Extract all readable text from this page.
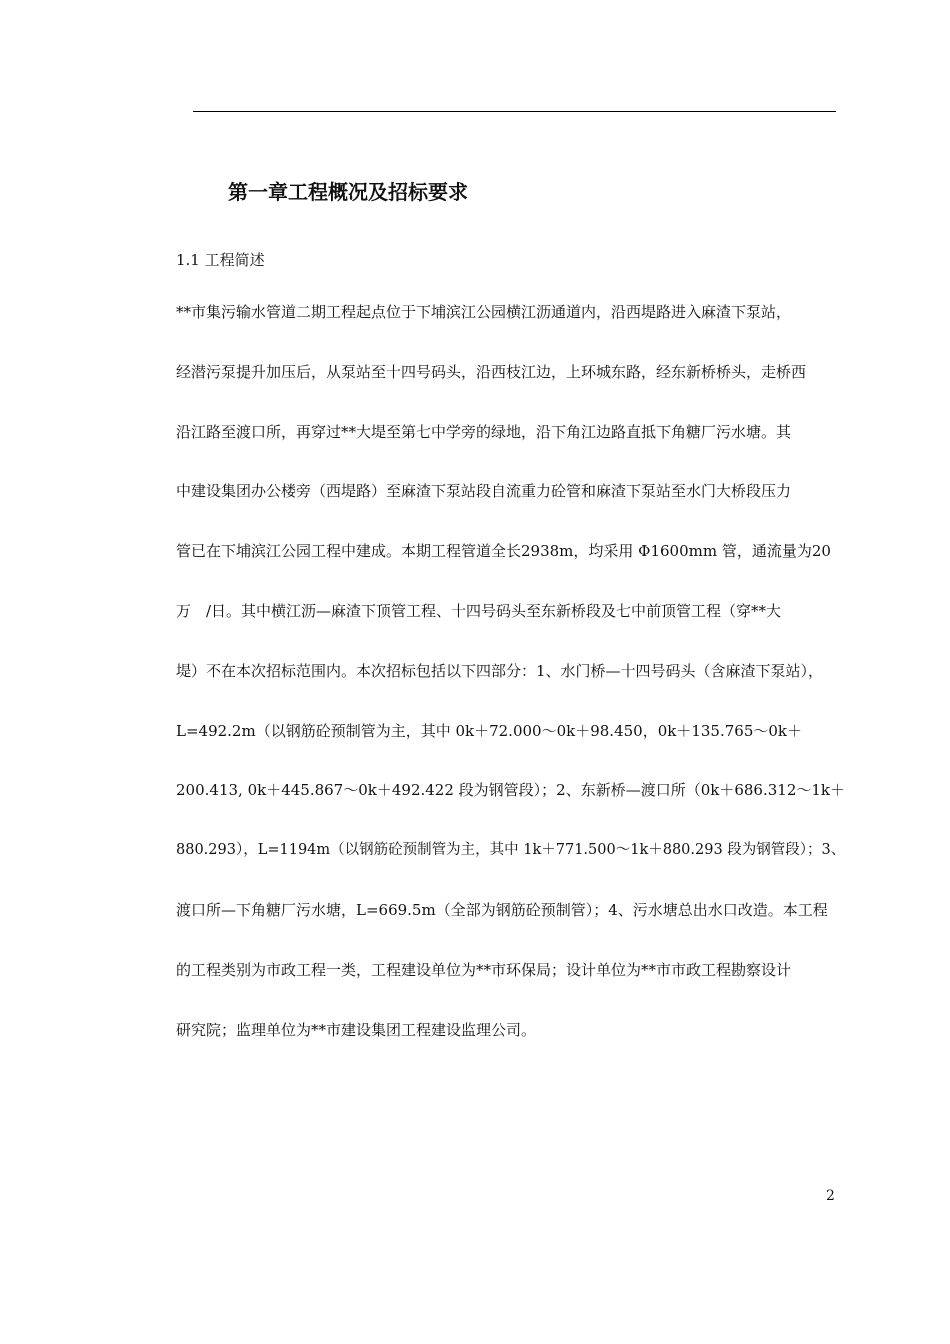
第一章工程概况及招标要求
1.1 工程简述
**市集污输水管道二期工程起点位于下埔滨江公园横江沥通道内，沿西堤路进入麻渣下泵站，
经潜污泵提升加压后，从泵站至十四号码头，沿西枝江边，上环城东路，经东新桥桥头，走桥西
沿江路至渡口所，再穿过**大堤至第七中学旁的绿地，沿下角江边路直抵下角糖厂污水塘。其
中建设集团办公楼旁（西堤路）至麻渣下泵站段自流重力砼管和麻渣下泵站至水门大桥段压力
管已在下埔滨江公园工程中建成。本期工程管道全长2938m，均采用 Φ1600mm 管，通流量为20
万　/日。其中横江沥—麻渣下顶管工程、十四号码头至东新桥段及七中前顶管工程（穿**大
堤）不在本次招标范围内。本次招标包括以下四部分：1、水门桥—十四号码头（含麻渣下泵站），
L=492.2m（以钢筋砼预制管为主，其中 0k＋72.000～0k＋98.450，0k＋135.765～0k＋
200.413, 0k＋445.867～0k＋492.422 段为钢管段）；2、东新桥—渡口所（0k＋686.312～1k＋
880.293），L=1194m（以钢筋砼预制管为主，其中 1k＋771.500～1k＋880.293 段为钢管段）；3、
渡口所—下角糖厂污水塘，L=669.5m（全部为钢筋砼预制管）；4、污水塘总出水口改造。本工程
的工程类别为市政工程一类，工程建设单位为**市环保局；设计单位为**市市政工程勘察设计
研究院；监理单位为**市建设集团工程建设监理公司。
2
